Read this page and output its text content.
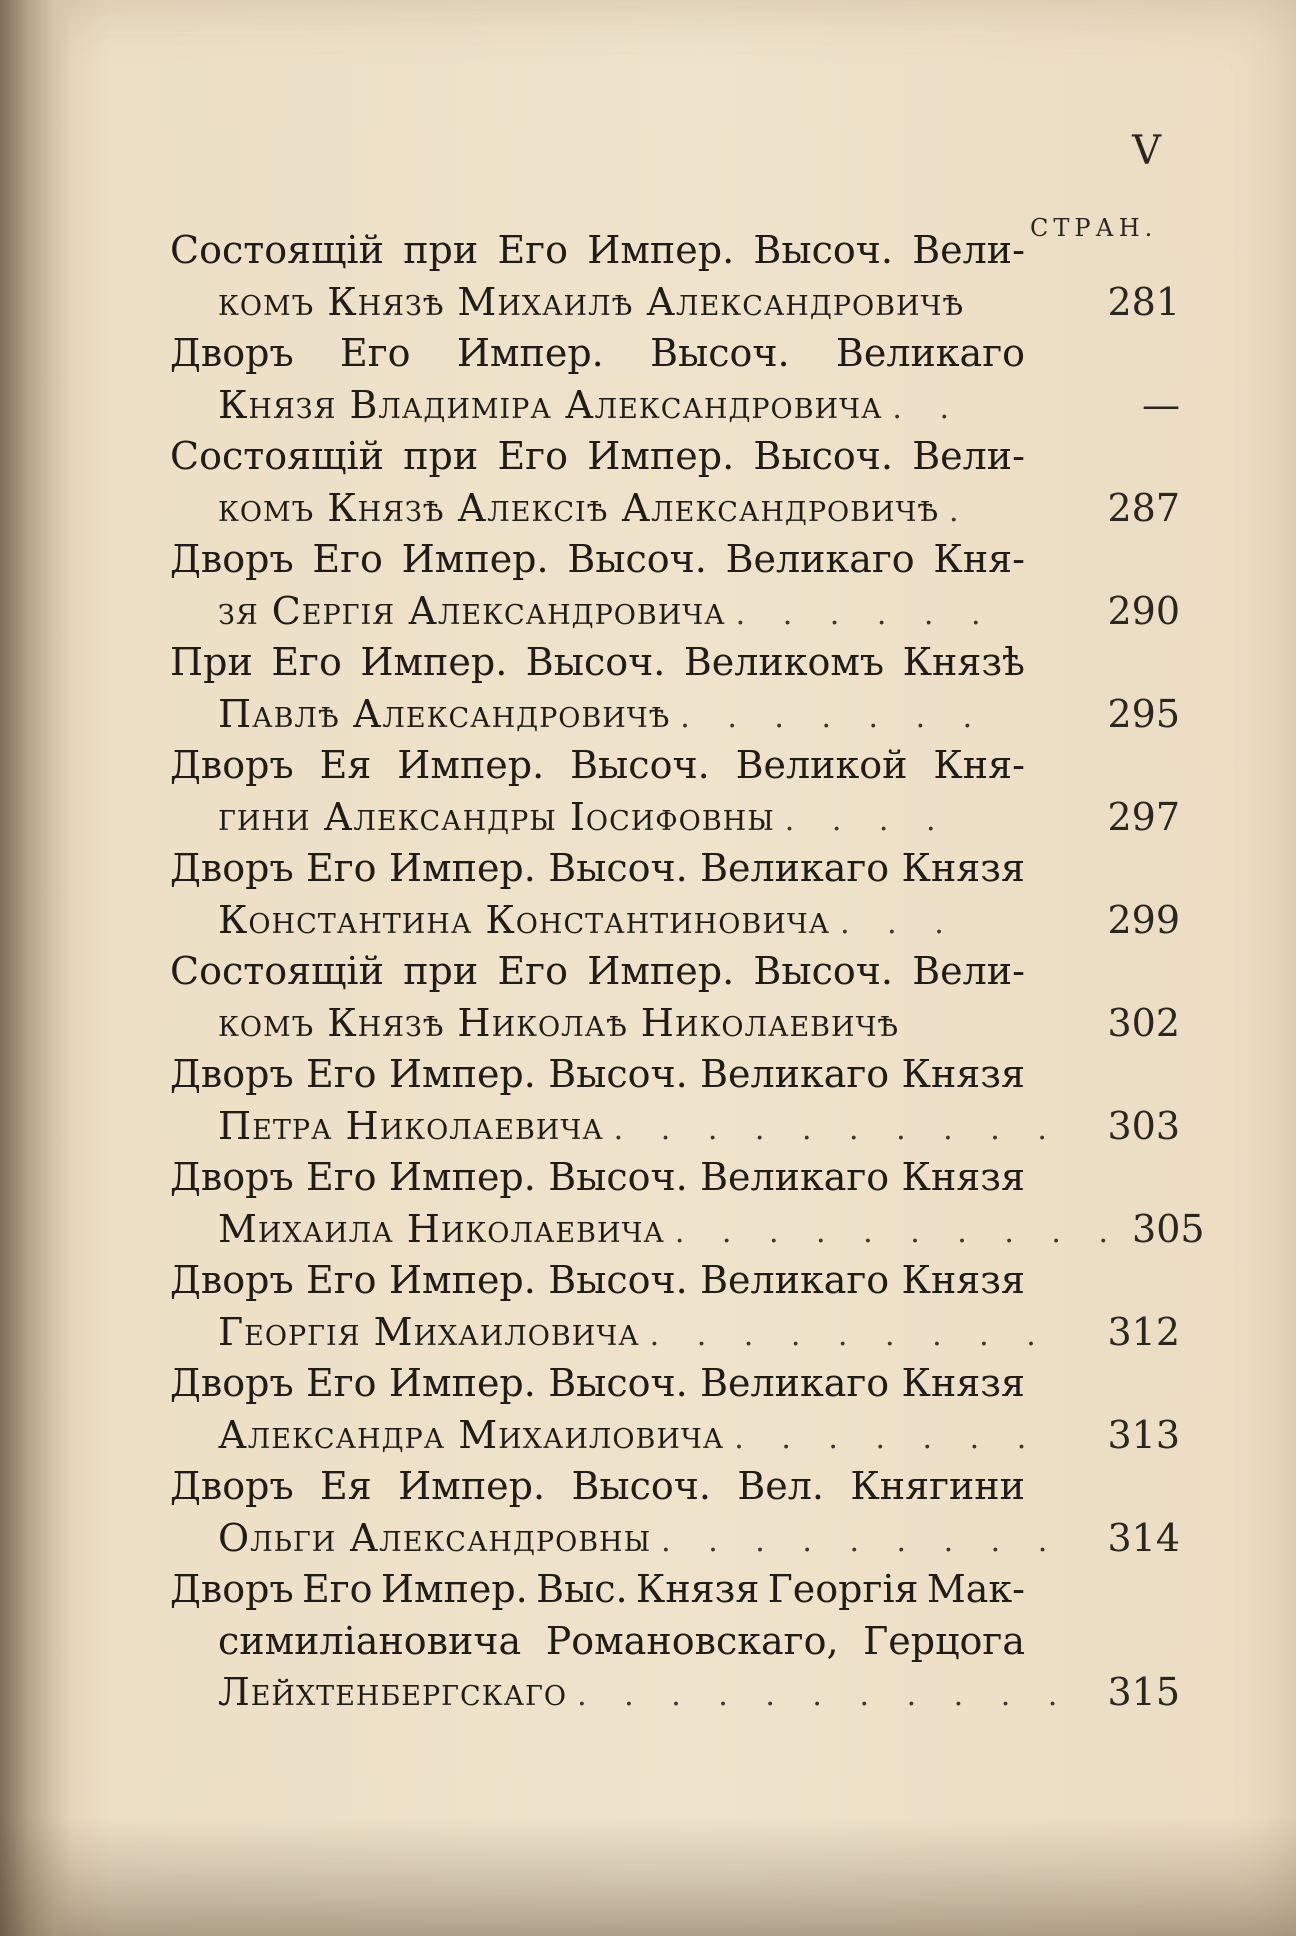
V
СТРАН.
Состоящій при Его Импер. Высоч. Вели-
комъ Князѣ Михаилѣ Александровичѣ	281
Дворъ Его Импер. Высоч. Великаго
Князя Владиміра Александровича . .	—
Состоящій при Его Импер. Высоч. Вели-
комъ Князѣ Алексіѣ Александровичѣ .	287
Дворъ Его Импер. Высоч. Великаго Кня-
зя Сергія Александровича . . . . . .	290
При Его Импер. Высоч. Великомъ Князѣ
Павлѣ Александровичѣ . . . . . . .	295
Дворъ Ея Импер. Высоч. Великой Кня-
гини Александры Іосифовны . . . .	297
Дворъ Его Импер. Высоч. Великаго Князя
Константина Константиновича . . .	299
Состоящій при Его Импер. Высоч. Вели-
комъ Князѣ Николаѣ Николаевичѣ	302
Дворъ Его Импер. Высоч. Великаго Князя
Петра Николаевича . . . . . . . . . .	303
Дворъ Его Импер. Высоч. Великаго Князя
Михаила Николаевича . . . . . . . . . . 305
Дворъ Его Импер. Высоч. Великаго Князя
Георгія Михаиловича . . . . . . . . .	312
Дворъ Его Импер. Высоч. Великаго Князя
Александра Михаиловича . . . . . . .	313
Дворъ Ея Импер. Высоч. Вел. Княгини
Ольги Александровны . . . . . . . . .	314
Дворъ Его Импер. Выс. Князя Георгія Мак-
симиліановича Романовскаго, Герцога
Лейхтенбергскаго . . . . . . . . . . . 315
